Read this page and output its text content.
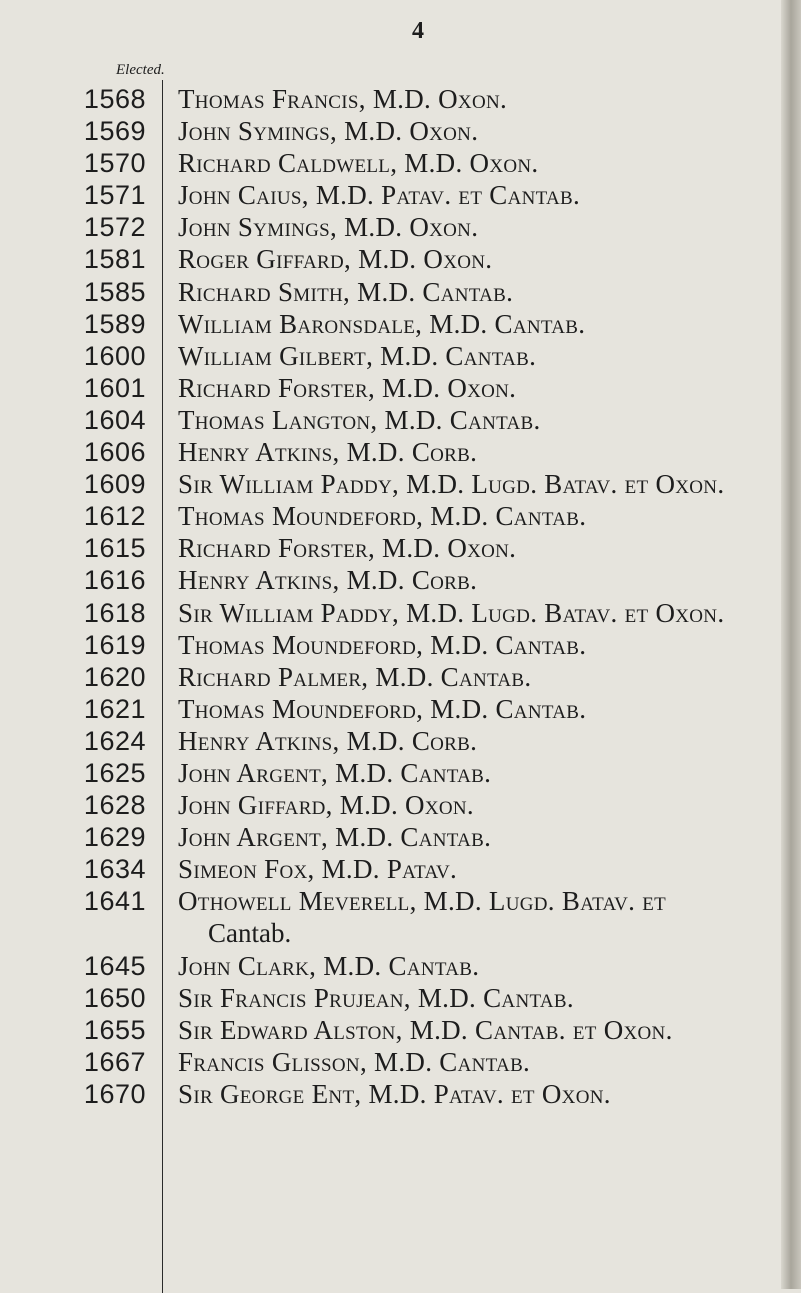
4
Elected.
1568 Thomas Francis, M.D. Oxon.
1569 John Symings, M.D. Oxon.
1570 Richard Caldwell, M.D. Oxon.
1571 John Caius, M.D. Patav. et Cantab.
1572 John Symings, M.D. Oxon.
1581 Roger Giffard, M.D. Oxon.
1585 Richard Smith, M.D. Cantab.
1589 William Baronsdale, M.D. Cantab.
1600 William Gilbert, M.D. Cantab.
1601 Richard Forster, M.D. Oxon.
1604 Thomas Langton, M.D. Cantab.
1606 Henry Atkins, M.D. Corb.
1609 Sir William Paddy, M.D. Lugd. Batav. et Oxon.
1612 Thomas Moundeford, M.D. Cantab.
1615 Richard Forster, M.D. Oxon.
1616 Henry Atkins, M.D. Corb.
1618 Sir William Paddy, M.D. Lugd. Batav. et Oxon.
1619 Thomas Moundeford, M.D. Cantab.
1620 Richard Palmer, M.D. Cantab.
1621 Thomas Moundeford, M.D. Cantab.
1624 Henry Atkins, M.D. Corb.
1625 John Argent, M.D. Cantab.
1628 John Giffard, M.D. Oxon.
1629 John Argent, M.D. Cantab.
1634 Simeon Fox, M.D. Patav.
1641 Othowell Meverell, M.D. Lugd. Batav. et
Cantab.
1645 John Clark, M.D. Cantab.
1650 Sir Francis Prujean, M.D. Cantab.
1655 Sir Edward Alston, M.D. Cantab. et Oxon.
1667 Francis Glisson, M.D. Cantab.
1670 Sir George Ent, M.D. Patav. et Oxon.
